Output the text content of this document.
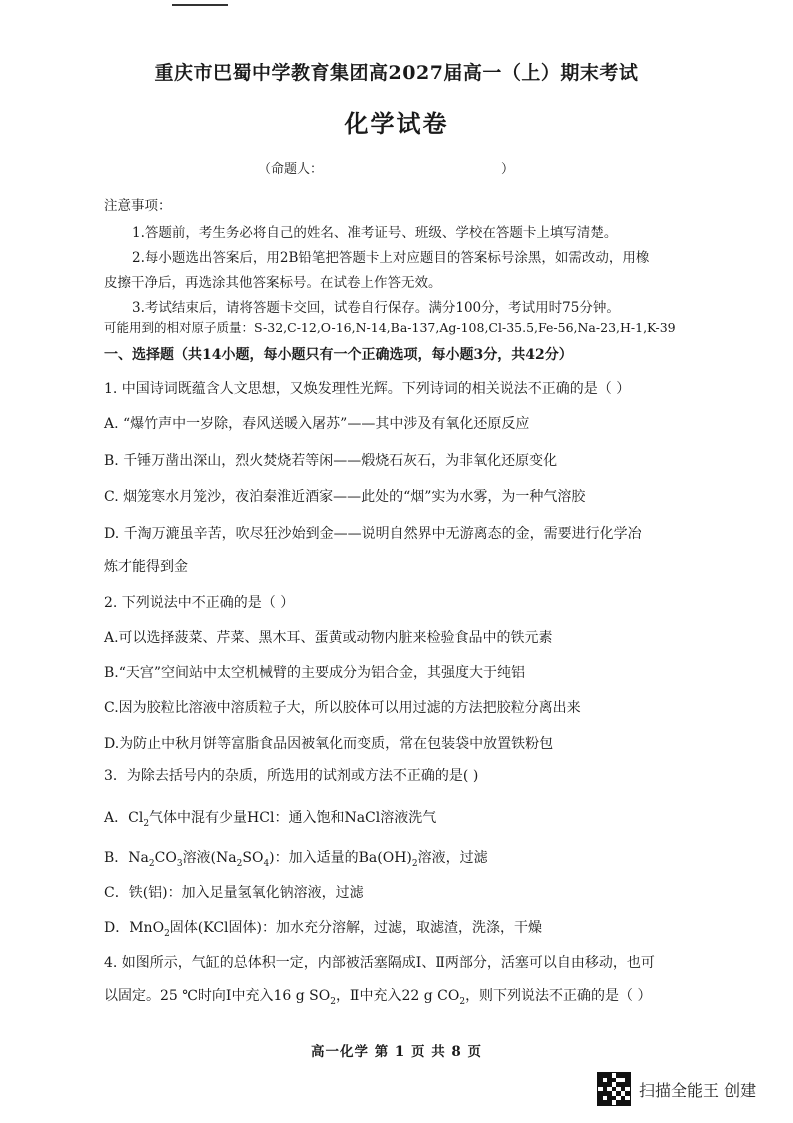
重庆市巴蜀中学教育集团高2027届高一（上）期末考试
化学试卷
（命题人：	）
注意事项：
1.答题前，考生务必将自己的姓名、准考证号、班级、学校在答题卡上填写清楚。
2.每小题选出答案后，用2B铅笔把答题卡上对应题目的答案标号涂黑，如需改动，用橡
皮擦干净后，再选涂其他答案标号。在试卷上作答无效。
3.考试结束后，请将答题卡交回，试卷自行保存。满分100分，考试用时75分钟。
可能用到的相对原子质量：S-32,C-12,O-16,N-14,Ba-137,Ag-108,Cl-35.5,Fe-56,Na-23,H-1,K-39
一、选择题（共14小题，每小题只有一个正确选项，每小题3分，共42分）
1. 中国诗词既蕴含人文思想，又焕发理性光辉。下列诗词的相关说法不正确的是（ ）
A. “爆竹声中一岁除，春风送暖入屠苏”——其中涉及有氧化还原反应
B. 千锤万凿出深山，烈火焚烧若等闲——煅烧石灰石，为非氧化还原变化
C. 烟笼寒水月笼沙，夜泊秦淮近酒家——此处的“烟”实为水雾，为一种气溶胶
D. 千淘万漉虽辛苦，吹尽狂沙始到金——说明自然界中无游离态的金，需要进行化学冶
炼才能得到金
2. 下列说法中不正确的是（ ）
A.可以选择菠菜、芹菜、黑木耳、蛋黄或动物内脏来检验食品中的铁元素
B.“天宫”空间站中太空机械臂的主要成分为铝合金，其强度大于纯铝
C.因为胶粒比溶液中溶质粒子大，所以胶体可以用过滤的方法把胶粒分离出来
D.为防止中秋月饼等富脂食品因被氧化而变质，常在包装袋中放置铁粉包
3．为除去括号内的杂质，所选用的试剂或方法不正确的是( )
A．$Cl_2$气体中混有少量HCl：通入饱和NaCl溶液洗气
B．$Na_2CO_3$溶液$(Na_2SO_4)$：加入适量的$Ba(OH)_2$溶液，过滤
C．铁(铝)：加入足量氢氧化钠溶液，过滤
D．MnO$_2$固体(KCl固体)：加水充分溶解，过滤，取滤渣，洗涤，干燥
4. 如图所示，气缸的总体积一定，内部被活塞隔成Ⅰ、Ⅱ两部分，活塞可以自由移动，也可
以固定。25 ℃时向Ⅰ中充入16 g $SO_2$，Ⅱ中充入22 g $CO_2$，则下列说法不正确的是（ ）
高一化学 第 1 页 共 8 页
扫描全能王 创建
